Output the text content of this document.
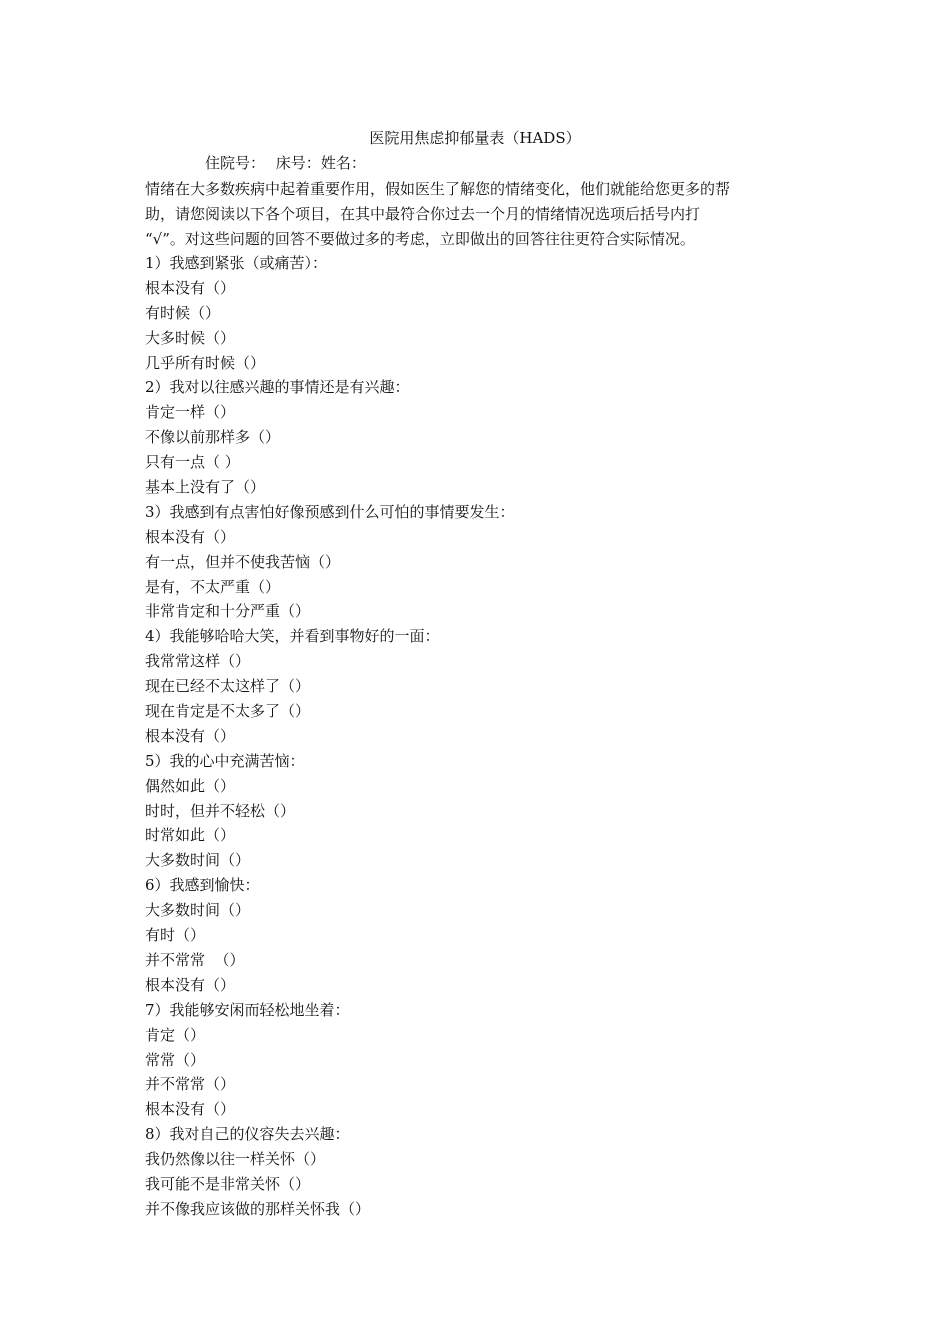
医院用焦虑抑郁量表（HADS）
住院号： 床号：姓名：
情绪在大多数疾病中起着重要作用，假如医生了解您的情绪变化，他们就能给您更多的帮
助，请您阅读以下各个项目，在其中最符合你过去一个月的情绪情况选项后括号内打
“√”。对这些问题的回答不要做过多的考虑，立即做出的回答往往更符合实际情况。
1）我感到紧张（或痛苦）：
根本没有（）
有时候（）
大多时候（）
几乎所有时候（）
2）我对以往感兴趣的事情还是有兴趣：
肯定一样（）
不像以前那样多（）
只有一点（ ）
基本上没有了（）
3）我感到有点害怕好像预感到什么可怕的事情要发生：
根本没有（）
有一点，但并不使我苦恼（）
是有，不太严重（）
非常肯定和十分严重（）
4）我能够哈哈大笑，并看到事物好的一面：
我常常这样（）
现在已经不太这样了（）
现在肯定是不太多了（）
根本没有（）
5）我的心中充满苦恼：
偶然如此（）
时时，但并不轻松（）
时常如此（）
大多数时间（）
6）我感到愉快：
大多数时间（）
有时（）
并不常常  （）
根本没有（）
7）我能够安闲而轻松地坐着：
肯定（）
常常（）
并不常常（）
根本没有（）
8）我对自己的仪容失去兴趣：
我仍然像以往一样关怀（）
我可能不是非常关怀（）
并不像我应该做的那样关怀我（）
